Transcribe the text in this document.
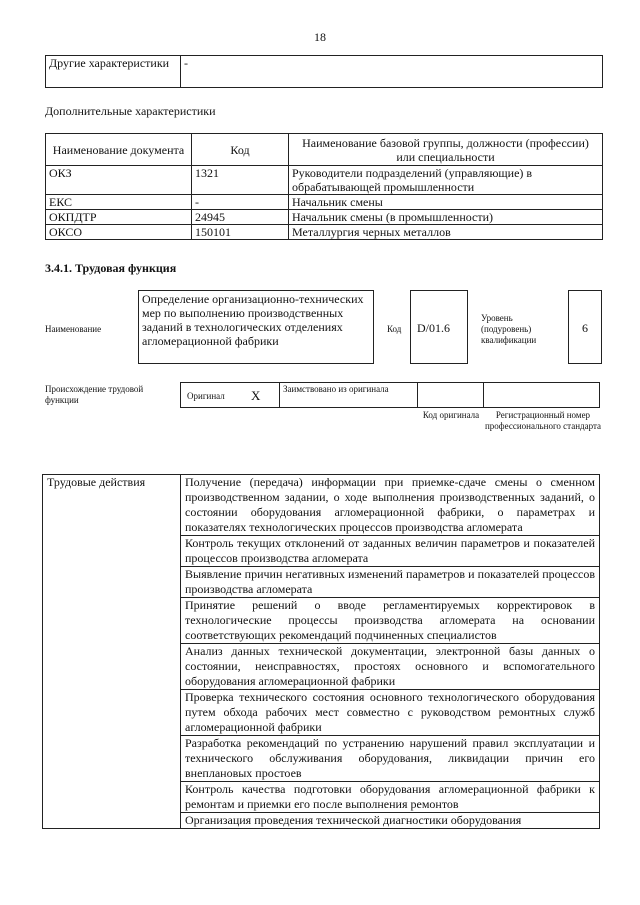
18
Другие характеристики	-
Дополнительные характеристики
Наименование документа	Код	Наименование базовой группы, должности (профессии) или специальности
ОКЗ	1321	Руководители подразделений (управляющие) в обрабатывающей промышленности
ЕКС	-	Начальник смены
ОКПДТР	24945	Начальник смены (в промышленности)
ОКСО	150101	Металлургия черных металлов
3.4.1. Трудовая функция
Наименование
Определение организационно-технических мер по выполнению производственных заданий в технологических отделениях агломерационной фабрики
Код	D/01.6
Уровень (подуровень) квалификации
6
Происхождение трудовой функции	Оригинал X	Заимствовано из оригинала
Код оригинала	Регистрационный номер профессионального стандарта
Трудовые действия	Получение (передача) информации при приемке-сдаче смены о сменном производственном задании, о ходе выполнения производственных заданий, о состоянии оборудования агломерационной фабрики, о параметрах и показателях технологических процессов производства агломерата
Контроль текущих отклонений от заданных величин параметров и показателей процессов производства агломерата
Выявление причин негативных изменений параметров и показателей процессов производства агломерата
Принятие решений о вводе регламентируемых корректировок в технологические процессы производства агломерата на основании соответствующих рекомендаций подчиненных специалистов
Анализ данных технической документации, электронной базы данных о состоянии, неисправностях, простоях основного и вспомогательного оборудования агломерационной фабрики
Проверка технического состояния основного технологического оборудования путем обхода рабочих мест совместно с руководством ремонтных служб агломерационной фабрики
Разработка рекомендаций по устранению нарушений правил эксплуатации и технического обслуживания оборудования, ликвидации причин его внеплановых простоев
Контроль качества подготовки оборудования агломерационной фабрики к ремонтам и приемки его после выполнения ремонтов
Организация проведения технической диагностики оборудования
